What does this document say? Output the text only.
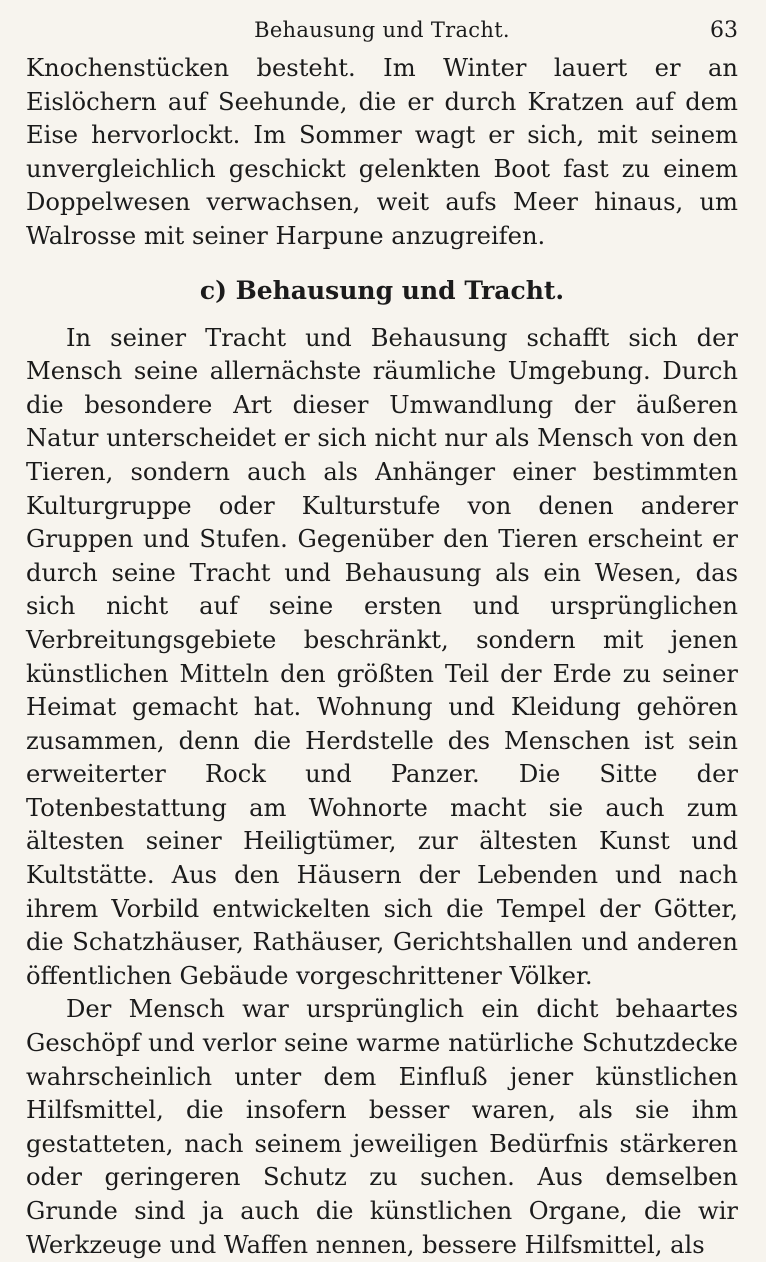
Behausung und Tracht.	63

Knochenstücken besteht. Im Winter lauert er an Eislöchern auf Seehunde, die er durch Kratzen auf dem Eise hervorlockt. Im Sommer wagt er sich, mit seinem unvergleichlich geschickt gelenkten Boot fast zu einem Doppelwesen verwachsen, weit aufs Meer hinaus, um Walrosse mit seiner Harpune anzugreifen.

c) Behausung und Tracht.

In seiner Tracht und Behausung schafft sich der Mensch seine allernächste räumliche Umgebung. Durch die besondere Art dieser Umwandlung der äußeren Natur unterscheidet er sich nicht nur als Mensch von den Tieren, sondern auch als Anhänger einer bestimmten Kulturgruppe oder Kulturstufe von denen anderer Gruppen und Stufen. Gegenüber den Tieren erscheint er durch seine Tracht und Behausung als ein Wesen, das sich nicht auf seine ersten und ursprünglichen Verbreitungsgebiete beschränkt, sondern mit jenen künstlichen Mitteln den größten Teil der Erde zu seiner Heimat gemacht hat. Wohnung und Kleidung gehören zusammen, denn die Herdstelle des Menschen ist sein erweiterter Rock und Panzer. Die Sitte der Totenbestattung am Wohnorte macht sie auch zum ältesten seiner Heiligtümer, zur ältesten Kunst und Kultstätte. Aus den Häusern der Lebenden und nach ihrem Vorbild entwickelten sich die Tempel der Götter, die Schatzhäuser, Rathäuser, Gerichtshallen und anderen öffentlichen Gebäude vorgeschrittener Völker.

Der Mensch war ursprünglich ein dicht behaartes Geschöpf und verlor seine warme natürliche Schutzdecke wahrscheinlich unter dem Einfluß jener künstlichen Hilfsmittel, die insofern besser waren, als sie ihm gestatteten, nach seinem jeweiligen Bedürfnis stärkeren oder geringeren Schutz zu suchen. Aus demselben Grunde sind ja auch die künstlichen Organe, die wir Werkzeuge und Waffen nennen, bessere Hilfsmittel, als
